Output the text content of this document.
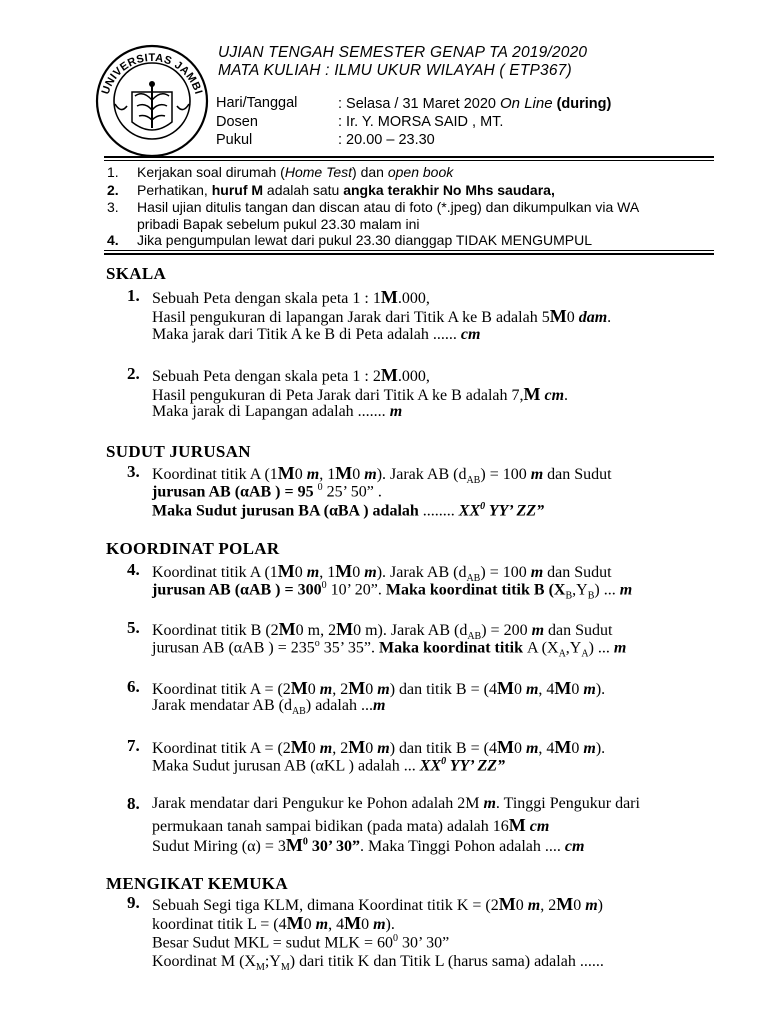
UNIVERSITAS JAMBI
UJIAN TENGAH SEMESTER GENAP TA 2019/2020
MATA KULIAH : ILMU UKUR WILAYAH ( ETP367)
Hari/Tanggal	: Selasa / 31 Maret 2020 On Line (during)
Dosen	: Ir. Y. MORSA SAID , MT.
Pukul	: 20.00 – 23.30
1. Kerjakan soal dirumah (Home Test) dan open book
2. Perhatikan, huruf M adalah satu angka terakhir No Mhs saudara,
3. Hasil ujian ditulis tangan dan discan atau di foto (*.jpeg) dan dikumpulkan via WA
pribadi Bapak sebelum pukul 23.30 malam ini
4. Jika pengumpulan lewat dari pukul 23.30 dianggap TIDAK MENGUMPUL
SKALA
1. Sebuah Peta dengan skala peta 1 : 1M.000,
Hasil pengukuran di lapangan Jarak dari Titik A ke B adalah 5M0 dam.
Maka jarak dari Titik A ke B di Peta adalah ...... cm
2. Sebuah Peta dengan skala peta 1 : 2M.000,
Hasil pengukuran di Peta Jarak dari Titik A ke B adalah 7,M cm.
Maka jarak di Lapangan adalah ....... m
SUDUT JURUSAN
3. Koordinat titik A (1M0 m, 1M0 m). Jarak AB $(d_{AB}) = 100$ m dan Sudut
jurusan AB (αAB ) = 95 $^0$ 25’ 50” .
Maka Sudut jurusan BA (αBA ) adalah ........ $XX^0$ YY’ ZZ”
KOORDINAT POLAR
4. Koordinat titik A (1M0 m, 1M0 m). Jarak AB $(d_{AB}) = 100$ m dan Sudut
jurusan AB (αAB ) = $300^0$ 10’ 20”. Maka koordinat titik B $(X_B,Y_B)$ ... m
5. Koordinat titik B (2M0 m, 2M0 m). Jarak AB $(d_{AB}) = 200$ m dan Sudut
jurusan AB (αAB ) = $235^o$ 35’ 35”. Maka koordinat titik A $(X_A,Y_A)$ ... m
6. Koordinat titik A = (2M0 m, 2M0 m) dan titik B = (4M0 m, 4M0 m).
Jarak mendatar AB $(d_{AB})$ adalah ...m
7. Koordinat titik A = (2M0 m, 2M0 m) dan titik B = (4M0 m, 4M0 m).
Maka Sudut jurusan AB (αKL ) adalah ... $XX^0$ YY’ ZZ”
8. Jarak mendatar dari Pengukur ke Pohon adalah 2M m. Tinggi Pengukur dari
permukaan tanah sampai bidikan (pada mata) adalah 16M cm
Sudut Miring $(\alpha) = 3M^0$ 30’ 30”. Maka Tinggi Pohon adalah .... cm
MENGIKAT KEMUKA
9. Sebuah Segi tiga KLM, dimana Koordinat titik K = (2M0 m, 2M0 m)
koordinat titik L = (4M0 m, 4M0 m).
Besar Sudut MKL = sudut MLK = $60^0$ 30’ 30”
Koordinat M $(X_M;Y_M)$ dari titik K dan Titik L (harus sama) adalah ......
